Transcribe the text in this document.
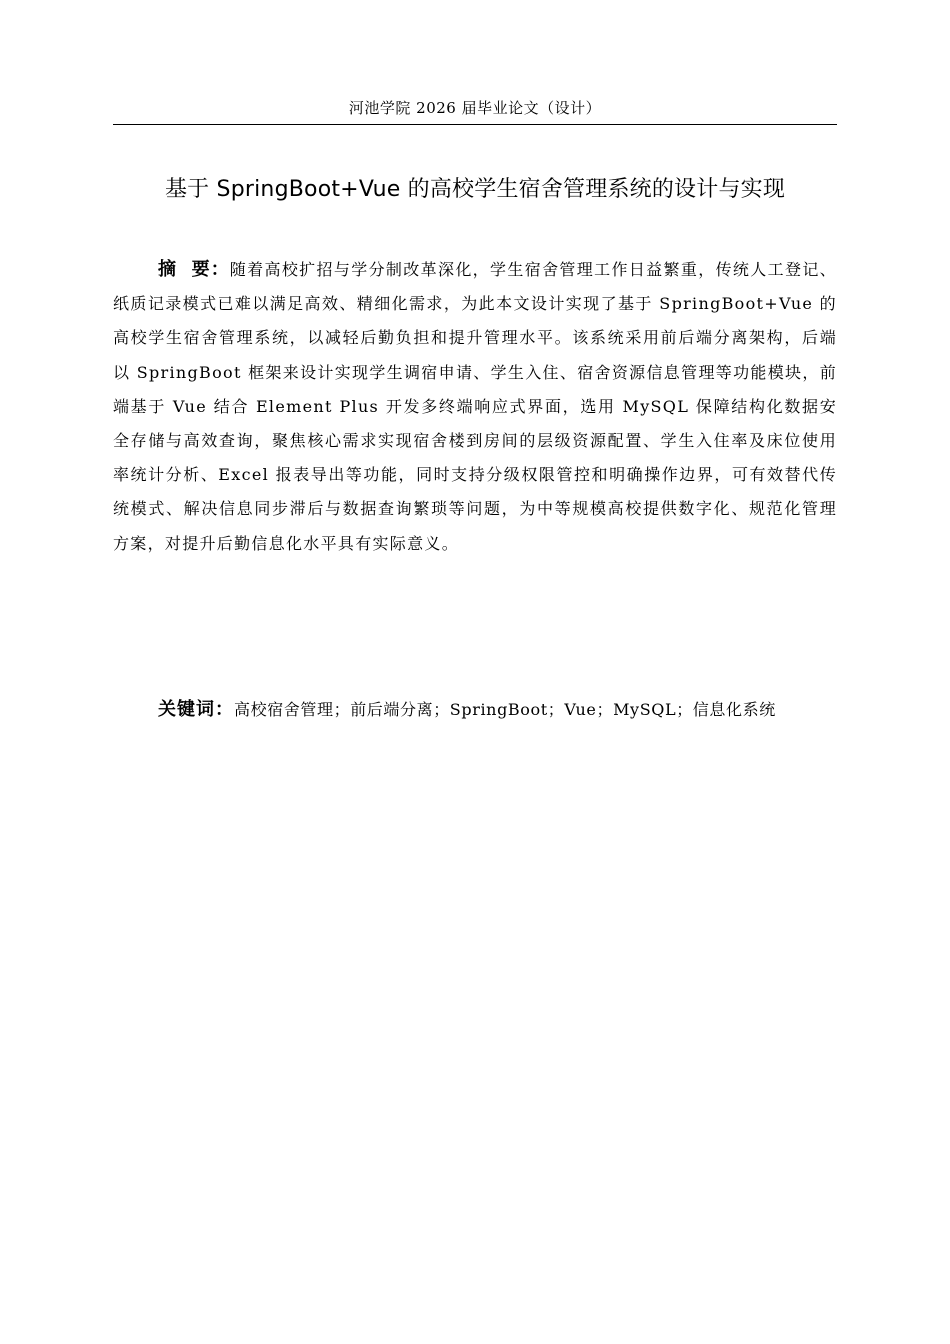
河池学院 2026 届毕业论文（设计）
基于 SpringBoot+Vue 的高校学生宿舍管理系统的设计与实现
摘  要：随着高校扩招与学分制改革深化，学生宿舍管理工作日益繁重，传统人工登记、纸质记录模式已难以满足高效、精细化需求，为此本文设计实现了基于 SpringBoot+Vue 的高校学生宿舍管理系统，以减轻后勤负担和提升管理水平。该系统采用前后端分离架构，后端以 SpringBoot 框架来设计实现学生调宿申请、学生入住、宿舍资源信息管理等功能模块，前端基于 Vue 结合 Element Plus 开发多终端响应式界面，选用 MySQL 保障结构化数据安全存储与高效查询，聚焦核心需求实现宿舍楼到房间的层级资源配置、学生入住率及床位使用率统计分析、Excel 报表导出等功能，同时支持分级权限管控和明确操作边界，可有效替代传统模式、解决信息同步滞后与数据查询繁琐等问题，为中等规模高校提供数字化、规范化管理方案，对提升后勤信息化水平具有实际意义。
关键词：高校宿舍管理；前后端分离；SpringBoot；Vue；MySQL；信息化系统
